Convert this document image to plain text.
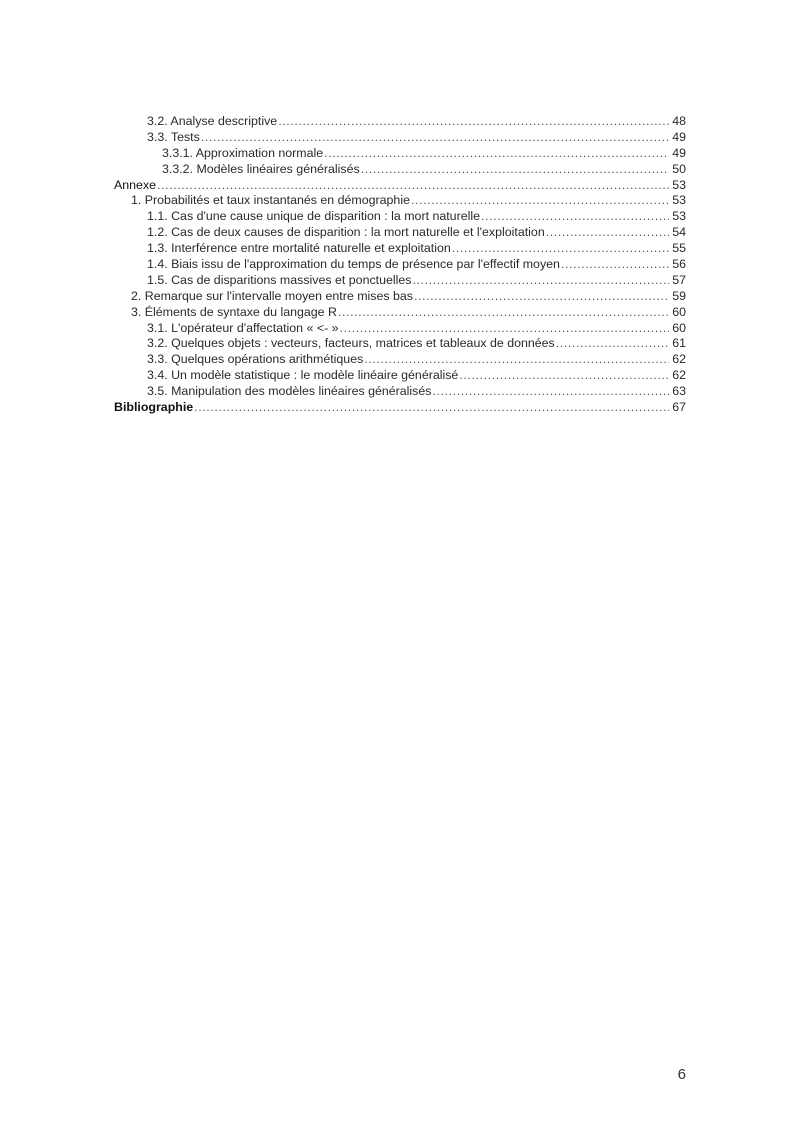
3.2. Analyse descriptive .....	48
3.3. Tests .....	49
3.3.1. Approximation normale .....	49
3.3.2. Modèles linéaires généralisés .....	50
Annexe .....	53
1. Probabilités et taux instantanés en démographie .....	53
1.1. Cas d'une cause unique de disparition : la mort naturelle .....	53
1.2. Cas de deux causes de disparition : la mort naturelle et l'exploitation .....	54
1.3. Interférence entre mortalité naturelle et exploitation .....	55
1.4. Biais issu de l'approximation du temps de présence par l'effectif moyen .....	56
1.5. Cas de disparitions massives et ponctuelles .....	57
2. Remarque sur l'intervalle moyen entre mises bas .....	59
3. Éléments de syntaxe du langage R .....	60
3.1. L'opérateur d'affectation « <- » .....	60
3.2. Quelques objets : vecteurs, facteurs, matrices et tableaux de données .....	61
3.3. Quelques opérations arithmétiques .....	62
3.4. Un modèle statistique : le modèle linéaire généralisé .....	62
3.5. Manipulation des modèles linéaires généralisés .....	63
Bibliographie .....	67
6
